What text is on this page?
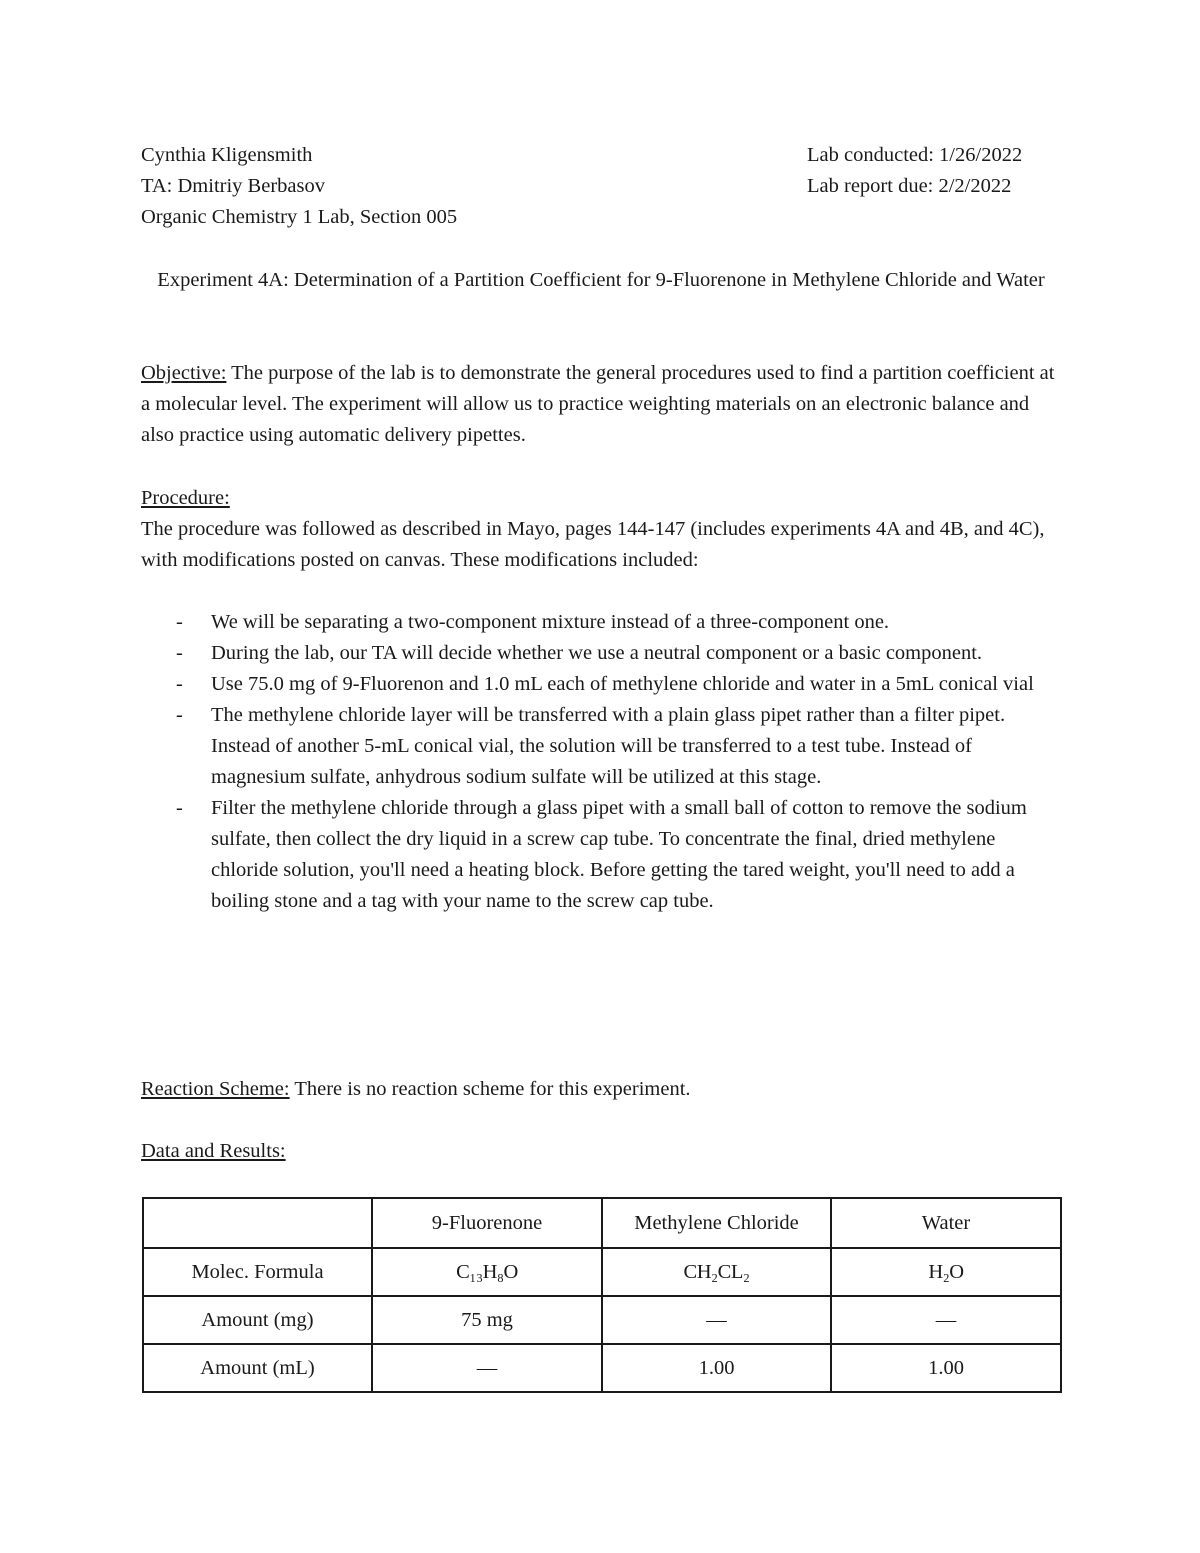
Cynthia Kligensmith	Lab conducted: 1/26/2022
TA: Dmitriy Berbasov	Lab report due: 2/2/2022
Organic Chemistry 1 Lab, Section 005
Experiment 4A: Determination of a Partition Coefficient for 9-Fluorenone in Methylene Chloride and Water

Objective: The purpose of the lab is to demonstrate the general procedures used to find a partition coefficient at a molecular level. The experiment will allow us to practice weighting materials on an electronic balance and also practice using automatic delivery pipettes.

Procedure:

The procedure was followed as described in Mayo, pages 144-147 (includes experiments 4A and 4B, and 4C), with modifications posted on canvas. These modifications included:

- We will be separating a two-component mixture instead of a three-component one.
- During the lab, our TA will decide whether we use a neutral component or a basic component.
- Use 75.0 mg of 9-Fluorenon and 1.0 mL each of methylene chloride and water in a 5mL conical vial
- The methylene chloride layer will be transferred with a plain glass pipet rather than a filter pipet. Instead of another 5-mL conical vial, the solution will be transferred to a test tube. Instead of magnesium sulfate, anhydrous sodium sulfate will be utilized at this stage.
- Filter the methylene chloride through a glass pipet with a small ball of cotton to remove the sodium sulfate, then collect the dry liquid in a screw cap tube. To concentrate the final, dried methylene chloride solution, you'll need a heating block. Before getting the tared weight, you'll need to add a boiling stone and a tag with your name to the screw cap tube.

Reaction Scheme: There is no reaction scheme for this experiment.

Data and Results:

	9-Fluorenone	Methylene Chloride	Water
Molec. Formula	C₁₃H₈O	CH₂CL₂	H₂O
Amount (mg)	75 mg	—	—
Amount (mL)	—	1.00	1.00
